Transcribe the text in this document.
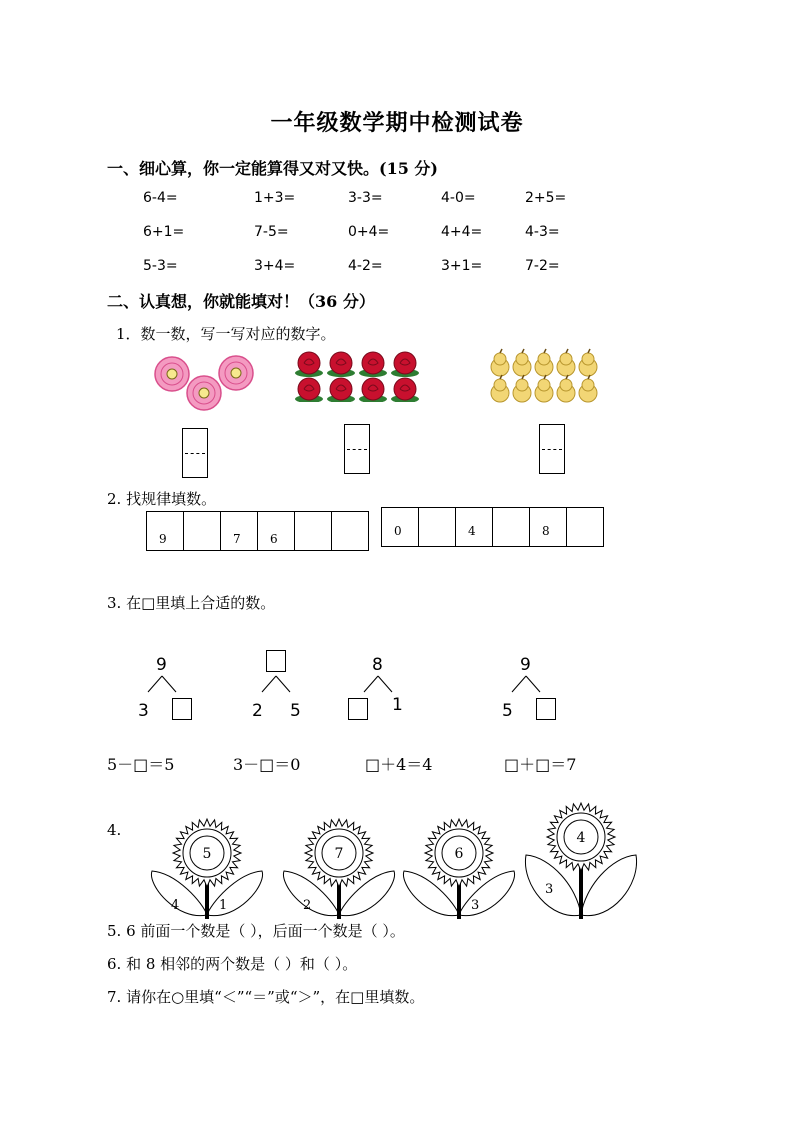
一年级数学期中检测试卷
一、细心算，你一定能算得又对又快。(15 分)
6-4=	1+3=	3-3=	4-0=	2+5=
6+1=	7-5=	0+4=	4+4=	4-3=
5-3=	3+4=	4-2=	3+1=	7-2=
二、认真想，你就能填对！（36 分）
1．数一数，写一写对应的数字。
2. 找规律填数。
9	7 6
0	4	8
3. 在□里填上合适的数。
9
3	2 5
8
1
9
5
5－□＝5	3－□＝0	□＋4＝4	□＋□＝7
4.
5
4	1
7
2
6
3
4
3
5. 6 前面一个数是（ ），后面一个数是（ ）。
6. 和 8 相邻的两个数是（ ）和（ ）。
7. 请你在○里填“＜”“＝”或“＞”，在□里填数。
